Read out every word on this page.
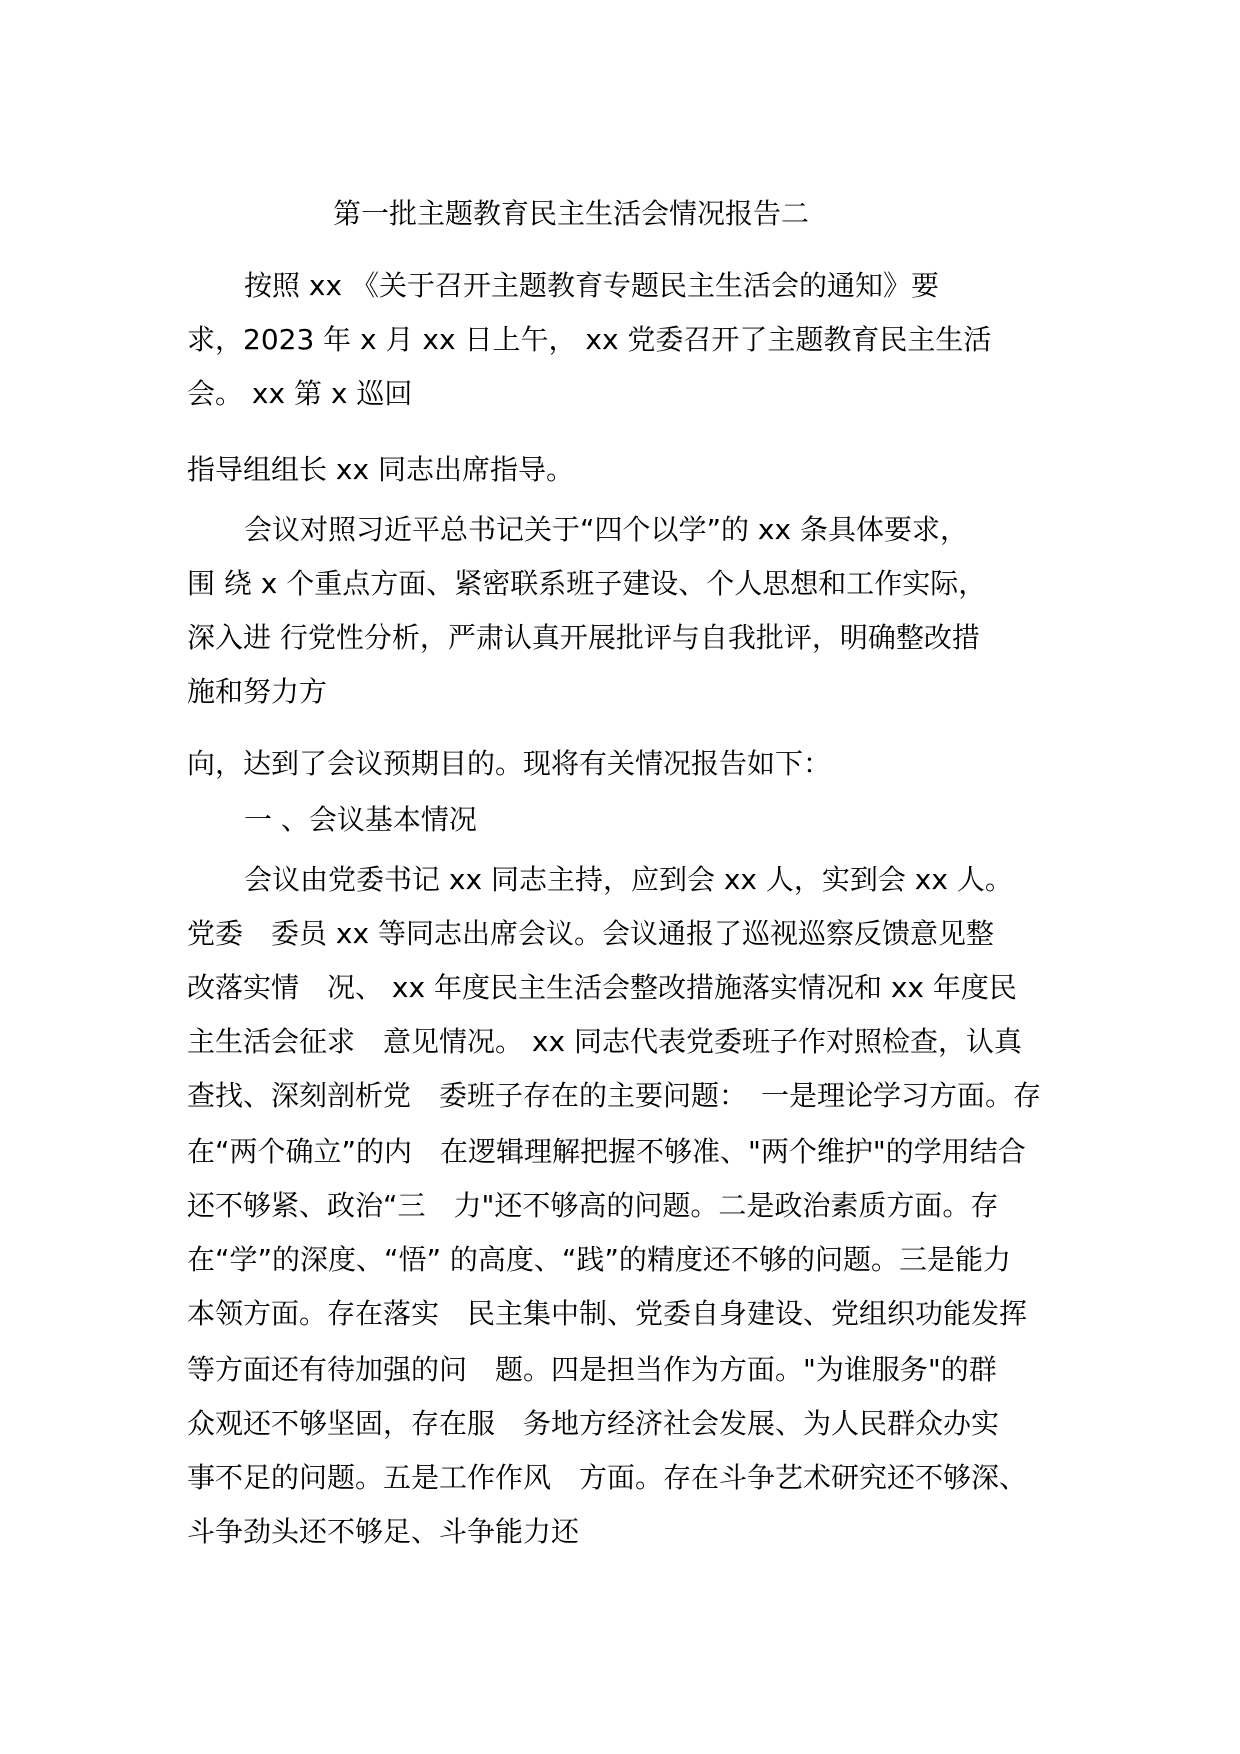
第一批主题教育民主生活会情况报告二
按照 xx 《关于召开主题教育专题民主生活会的通知》要
求，2023 年 x 月 xx 日上午， xx 党委召开了主题教育民主生活
会。 xx 第 x 巡回
指导组组长 xx 同志出席指导。
会议对照习近平总书记关于“四个以学”的 xx 条具体要求，
围 绕 x 个重点方面、紧密联系班子建设、个人思想和工作实际，
深入进 行党性分析，严肃认真开展批评与自我批评，明确整改措
施和努力方
向，达到了会议预期目的。现将有关情况报告如下：
一 、会议基本情况
会议由党委书记 xx 同志主持，应到会 xx 人，实到会 xx 人。
党委　委员 xx 等同志出席会议。会议通报了巡视巡察反馈意见整
改落实情　况、 xx 年度民主生活会整改措施落实情况和 xx 年度民
主生活会征求　意见情况。 xx 同志代表党委班子作对照检查，认真
查找、深刻剖析党　委班子存在的主要问题：　一是理论学习方面。存
在“两个确立”的内　在逻辑理解把握不够准、"两个维护"的学用结合
还不够紧、政治“三　力"还不够高的问题。二是政治素质方面。存
在“学”的深度、“悟” 的高度、“践”的精度还不够的问题。三是能力
本领方面。存在落实　民主集中制、党委自身建设、党组织功能发挥
等方面还有待加强的问　题。四是担当作为方面。"为谁服务"的群
众观还不够坚固，存在服　务地方经济社会发展、为人民群众办实
事不足的问题。五是工作作风　方面。存在斗争艺术研究还不够深、
斗争劲头还不够足、斗争能力还
